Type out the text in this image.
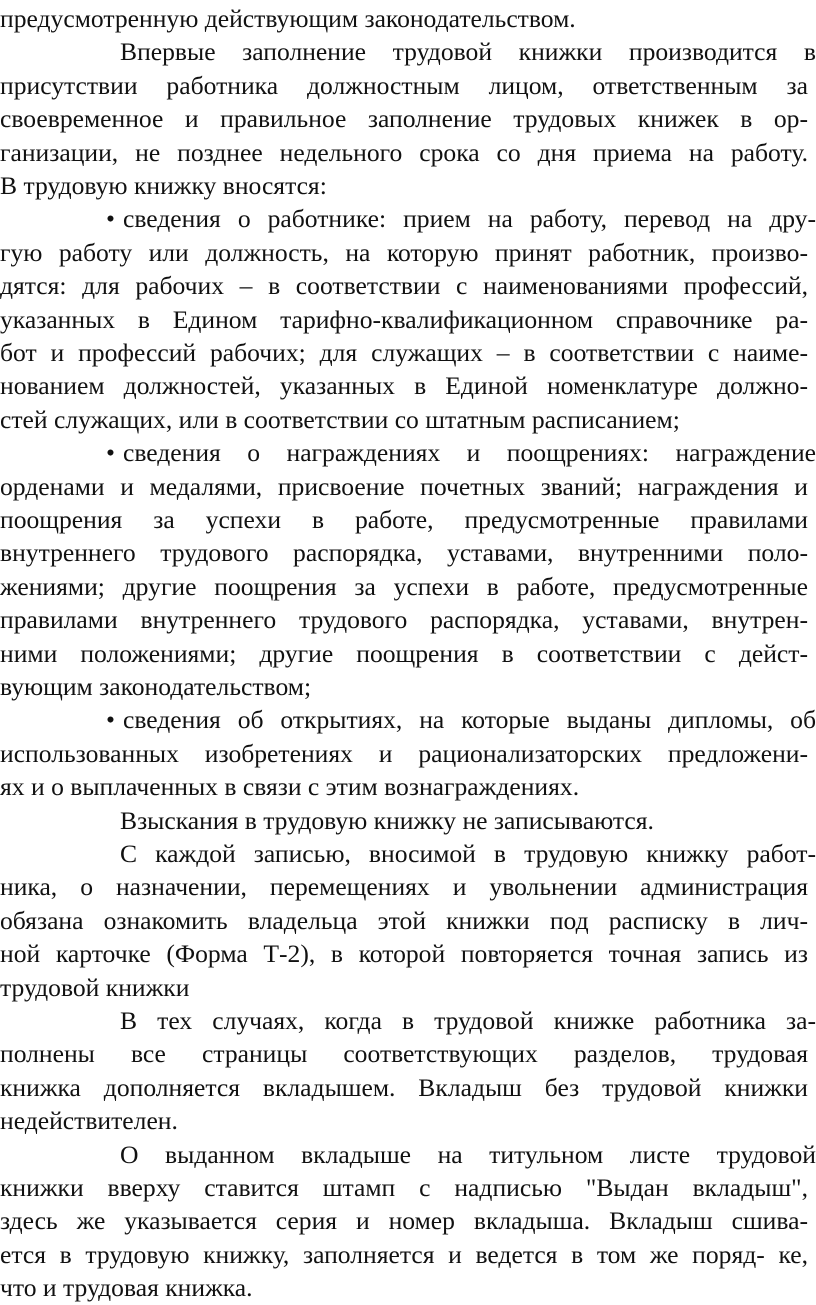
предусмотренную действующим законодательством.
Впервые заполнение трудовой книжки производится в
присутствии работника должностным лицом, ответственным за
своевременное и правильное заполнение трудовых книжек в ор-
ганизации, не позднее недельного срока со дня приема на работу.
В трудовую книжку вносятся:
• сведения о работнике: прием на работу, перевод на дру-
гую работу или должность, на которую принят работник, произво-
дятся: для рабочих – в соответствии с наименованиями профессий,
указанных в Едином тарифно-квалификационном справочнике ра-
бот и профессий рабочих; для служащих – в соответствии с наиме-
нованием должностей, указанных в Единой номенклатуре должно-
стей служащих, или в соответствии со штатным расписанием;
• сведения о награждениях и поощрениях: награждение
орденами и медалями, присвоение почетных званий; награждения и
поощрения за успехи в работе, предусмотренные правилами
внутреннего трудового распорядка, уставами, внутренними поло-
жениями; другие поощрения за успехи в работе, предусмотренные
правилами внутреннего трудового распорядка, уставами, внутрен-
ними положениями; другие поощрения в соответствии с дейст-
вующим законодательством;
• сведения об открытиях, на которые выданы дипломы, об
использованных изобретениях и рационализаторских предложени-
ях и о выплаченных в связи с этим вознаграждениях.
Взыскания в трудовую книжку не записываются.
С каждой записью, вносимой в трудовую книжку работ-
ника, о назначении, перемещениях и увольнении администрация
обязана ознакомить владельца этой книжки под расписку в лич-
ной карточке (Форма Т-2), в которой повторяется точная запись из
трудовой книжки
В тех случаях, когда в трудовой книжке работника за-
полнены все страницы соответствующих разделов, трудовая
книжка дополняется вкладышем. Вкладыш без трудовой книжки
недействителен.
О выданном вкладыше на титульном листе трудовой
книжки вверху ставится штамп с надписью "Выдан вкладыш",
здесь же указывается серия и номер вкладыша. Вкладыш сшива-
ется в трудовую книжку, заполняется и ведется в том же поряд- ке,
что и трудовая книжка.
